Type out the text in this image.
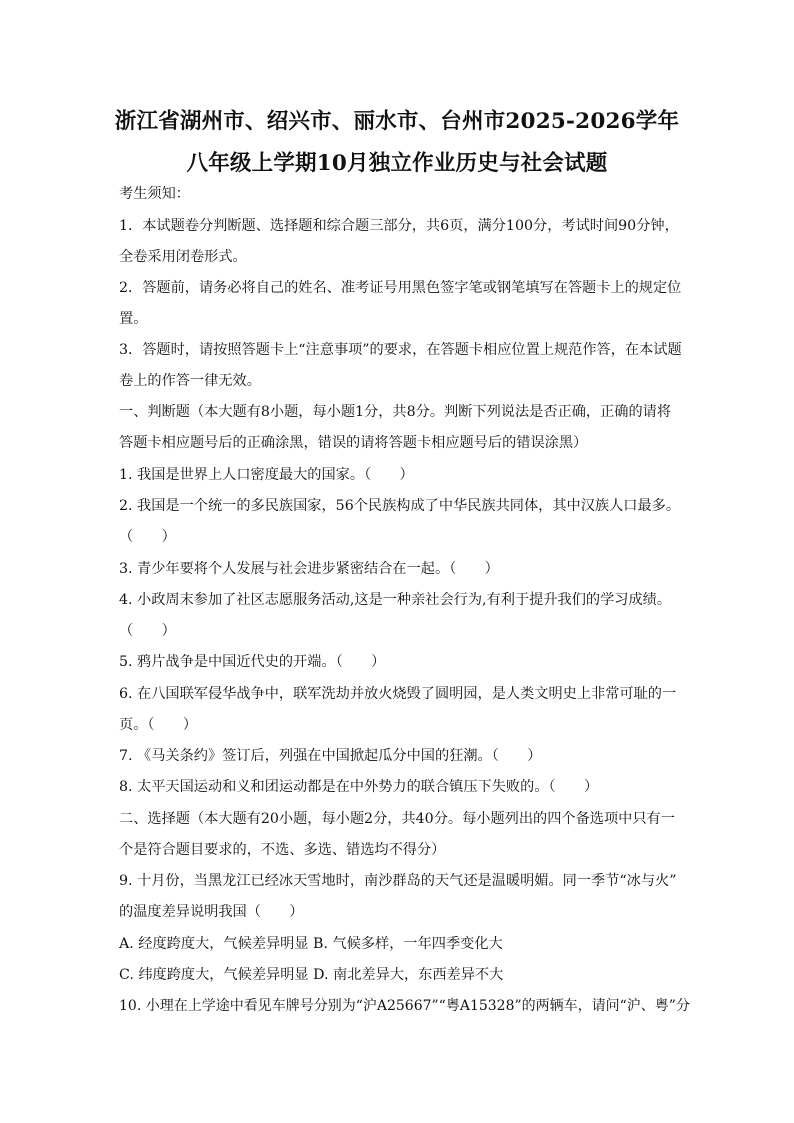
浙江省湖州市、绍兴市、丽水市、台州市2025-2026学年
八年级上学期10月独立作业历史与社会试题
考生须知：
1．本试题卷分判断题、选择题和综合题三部分，共6页，满分100分，考试时间90分钟，
全卷采用闭卷形式。
2．答题前，请务必将自己的姓名、准考证号用黑色签字笔或钢笔填写在答题卡上的规定位
置。
3．答题时，请按照答题卡上“注意事项”的要求，在答题卡相应位置上规范作答，在本试题
卷上的作答一律无效。
一、判断题（本大题有8小题，每小题1分，共8分。判断下列说法是否正确，正确的请将
答题卡相应题号后的正确涂黑，错误的请将答题卡相应题号后的错误涂黑）
1. 我国是世界上人口密度最大的国家。（　　）
2. 我国是一个统一的多民族国家，56个民族构成了中华民族共同体，其中汉族人口最多。
（　　）
3. 青少年要将个人发展与社会进步紧密结合在一起。（　　）
4. 小政周末参加了社区志愿服务活动,这是一种亲社会行为,有利于提升我们的学习成绩。
（　　）
5. 鸦片战争是中国近代史的开端。（　　）
6. 在八国联军侵华战争中，联军洗劫并放火烧毁了圆明园，是人类文明史上非常可耻的一
页。（　　）
7. 《马关条约》签订后，列强在中国掀起瓜分中国的狂潮。（　　）
8. 太平天国运动和义和团运动都是在中外势力的联合镇压下失败的。（　　）
二、选择题（本大题有20小题，每小题2分，共40分。每小题列出的四个备选项中只有一
个是符合题目要求的，不选、多选、错选均不得分）
9. 十月份，当黑龙江已经冰天雪地时，南沙群岛的天气还是温暖明媚。同一季节“冰与火”
的温度差异说明我国（　　）
A. 经度跨度大，气候差异明显 B. 气候多样，一年四季变化大
C. 纬度跨度大，气候差异明显 D. 南北差异大，东西差异不大
10. 小理在上学途中看见车牌号分别为“沪A25667”“粤A15328”的两辆车，请问“沪、粤”分
